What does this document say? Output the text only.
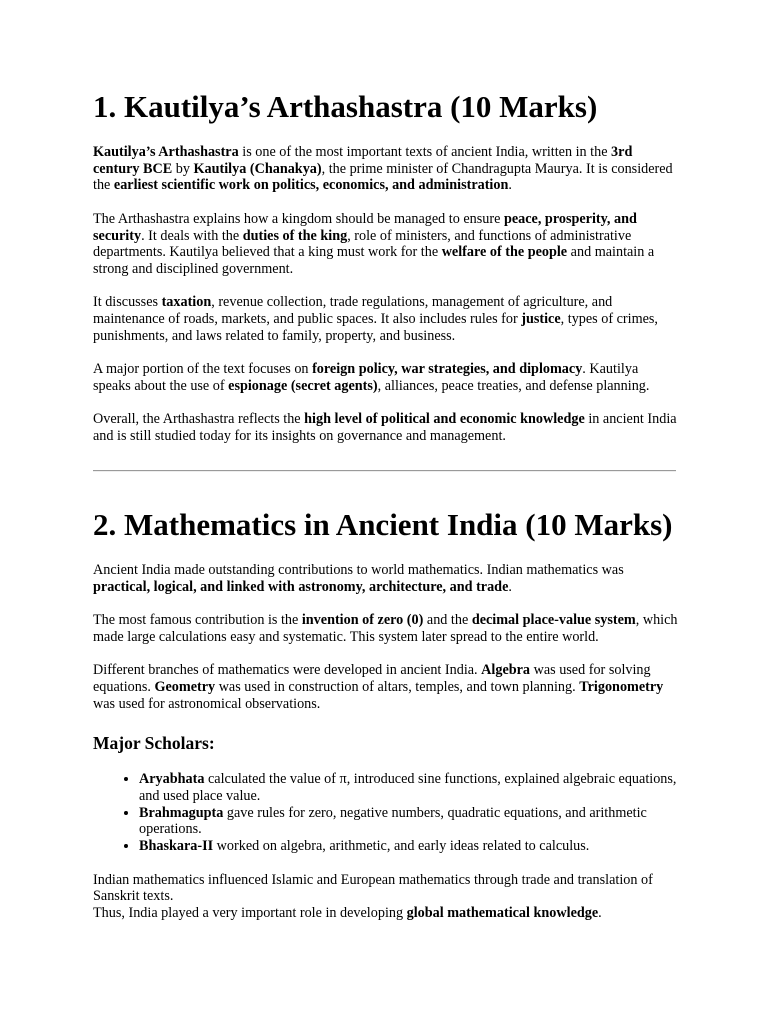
1. Kautilya’s Arthashastra (10 Marks)

Kautilya’s Arthashastra is one of the most important texts of ancient India, written in the 3rd century BCE by Kautilya (Chanakya), the prime minister of Chandragupta Maurya. It is considered the earliest scientific work on politics, economics, and administration.

The Arthashastra explains how a kingdom should be managed to ensure peace, prosperity, and security. It deals with the duties of the king, role of ministers, and functions of administrative departments. Kautilya believed that a king must work for the welfare of the people and maintain a strong and disciplined government.

It discusses taxation, revenue collection, trade regulations, management of agriculture, and maintenance of roads, markets, and public spaces. It also includes rules for justice, types of crimes, punishments, and laws related to family, property, and business.

A major portion of the text focuses on foreign policy, war strategies, and diplomacy. Kautilya speaks about the use of espionage (secret agents), alliances, peace treaties, and defense planning.

Overall, the Arthashastra reflects the high level of political and economic knowledge in ancient India and is still studied today for its insights on governance and management.

2. Mathematics in Ancient India (10 Marks)

Ancient India made outstanding contributions to world mathematics. Indian mathematics was practical, logical, and linked with astronomy, architecture, and trade.

The most famous contribution is the invention of zero (0) and the decimal place-value system, which made large calculations easy and systematic. This system later spread to the entire world.

Different branches of mathematics were developed in ancient India. Algebra was used for solving equations. Geometry was used in construction of altars, temples, and town planning. Trigonometry was used for astronomical observations.

Major Scholars:
• Aryabhata calculated the value of π, introduced sine functions, explained algebraic equations, and used place value.
• Brahmagupta gave rules for zero, negative numbers, quadratic equations, and arithmetic operations.
• Bhaskara-II worked on algebra, arithmetic, and early ideas related to calculus.

Indian mathematics influenced Islamic and European mathematics through trade and translation of Sanskrit texts.

Thus, India played a very important role in developing global mathematical knowledge.
